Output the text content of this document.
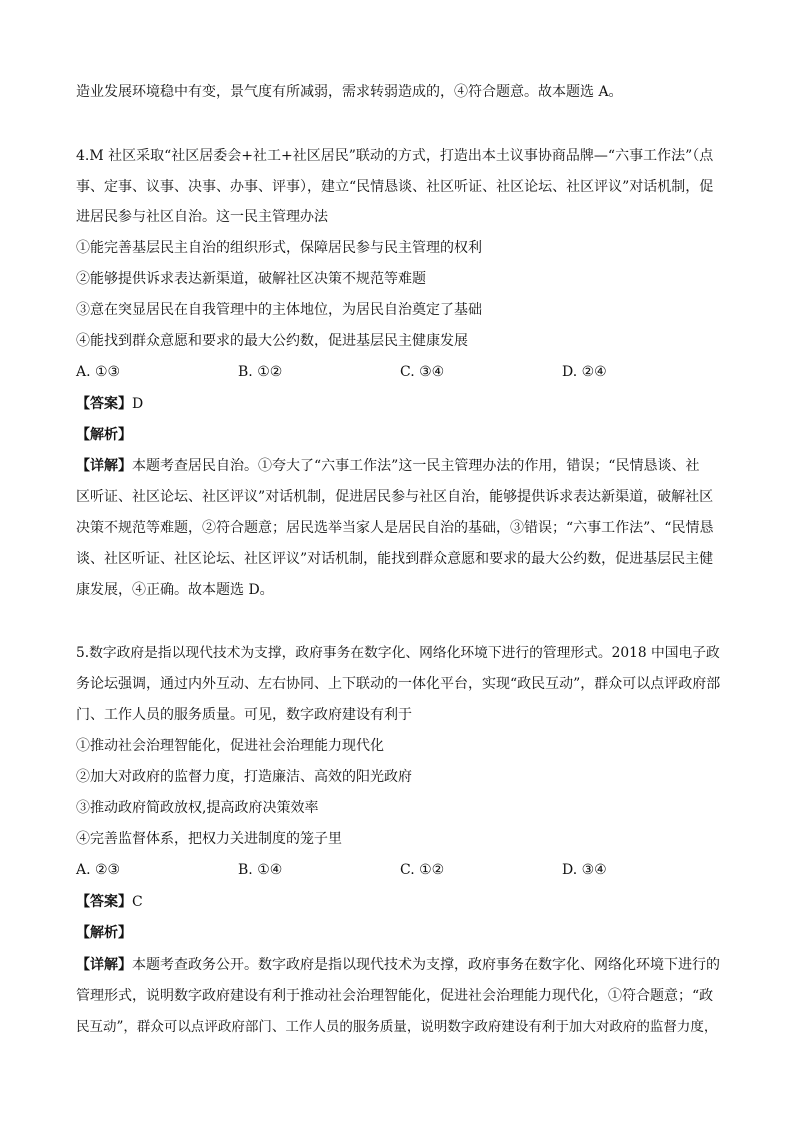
造业发展环境稳中有变，景气度有所减弱，需求转弱造成的，④符合题意。故本题选 A。
4.M 社区采取“社区居委会+社工+社区居民”联动的方式，打造出本土议事协商品牌—“六事工作法”（点
事、定事、议事、决事、办事、评事），建立“民情恳谈、社区听证、社区论坛、社区评议”对话机制，促
进居民参与社区自治。这一民主管理办法
①能完善基层民主自治的组织形式，保障居民参与民主管理的权利
②能够提供诉求表达新渠道，破解社区决策不规范等难题
③意在突显居民在自我管理中的主体地位，为居民自治奠定了基础
④能找到群众意愿和要求的最大公约数，促进基层民主健康发展
A. ①③	B. ①②	C. ③④	D. ②④
【答案】D
【解析】
【详解】本题考查居民自治。①夸大了“六事工作法”这一民主管理办法的作用，错误；“民情恳谈、社
区听证、社区论坛、社区评议”对话机制，促进居民参与社区自治，能够提供诉求表达新渠道，破解社区
决策不规范等难题，②符合题意；居民选举当家人是居民自治的基础，③错误；“六事工作法”、“民情恳
谈、社区听证、社区论坛、社区评议”对话机制，能找到群众意愿和要求的最大公约数，促进基层民主健
康发展，④正确。故本题选 D。
5.数字政府是指以现代技术为支撑，政府事务在数字化、网络化环境下进行的管理形式。2018 中国电子政
务论坛强调，通过内外互动、左右协同、上下联动的一体化平台，实现“政民互动”，群众可以点评政府部
门、工作人员的服务质量。可见，数字政府建设有利于
①推动社会治理智能化，促进社会治理能力现代化
②加大对政府的监督力度，打造廉洁、高效的阳光政府
③推动政府简政放权,提高政府决策效率
④完善监督体系，把权力关进制度的笼子里
A. ②③	B. ①④	C. ①②	D. ③④
【答案】C
【解析】
【详解】本题考查政务公开。数字政府是指以现代技术为支撑，政府事务在数字化、网络化环境下进行的
管理形式，说明数字政府建设有利于推动社会治理智能化，促进社会治理能力现代化，①符合题意；“政
民互动”，群众可以点评政府部门、工作人员的服务质量，说明数字政府建设有利于加大对政府的监督力度，
